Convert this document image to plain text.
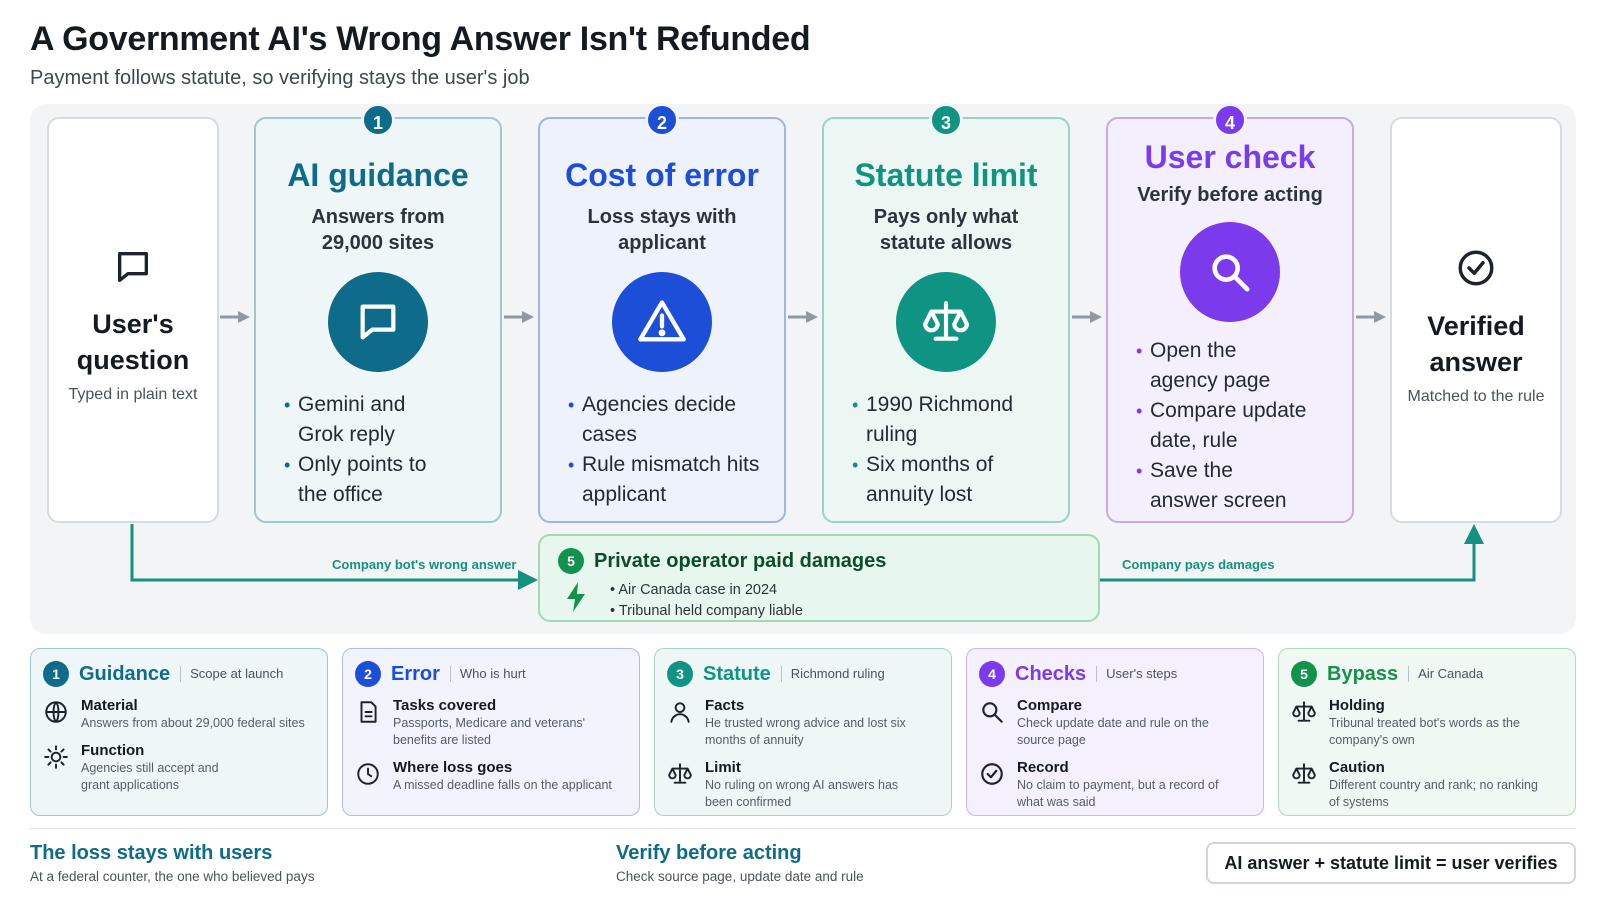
A Government AI's Wrong Answer Isn't Refunded
Payment follows statute, so verifying stays the user's job
Company bot's wrong answer	Company pays damages
User's
question
Typed in plain text
1
AI guidance
Answers from
29,000 sites
• Gemini and
Grok reply
• Only points to
the office
2
Cost of error
Loss stays with
applicant
• Agencies decide
cases
• Rule mismatch hits
applicant
3
Statute limit
Pays only what
statute allows
• 1990 Richmond
ruling
• Six months of
annuity lost
4
User check
Verify before acting
• Open the
agency page
• Compare update
date, rule
• Save the
answer screen
Verified
answer
Matched to the rule
5 Private operator paid damages
• Air Canada case in 2024
• Tribunal held company liable
1 Guidance	Scope at launch
Material
Answers from about 29,000 federal sites
Function
Agencies still accept and
grant applications
2 Error	Who is hurt
Tasks covered
Passports, Medicare and veterans'
benefits are listed
Where loss goes
A missed deadline falls on the applicant
3 Statute	Richmond ruling
Facts
He trusted wrong advice and lost six
months of annuity
Limit
No ruling on wrong AI answers has
been confirmed
4 Checks	User's steps
Compare
Check update date and rule on the
source page
Record
No claim to payment, but a record of
what was said
5 Bypass	Air Canada
Holding
Tribunal treated bot's words as the
company's own
Caution
Different country and rank; no ranking
of systems
The loss stays with users
At a federal counter, the one who believed pays
Verify before acting
Check source page, update date and rule
AI answer + statute limit = user verifies
